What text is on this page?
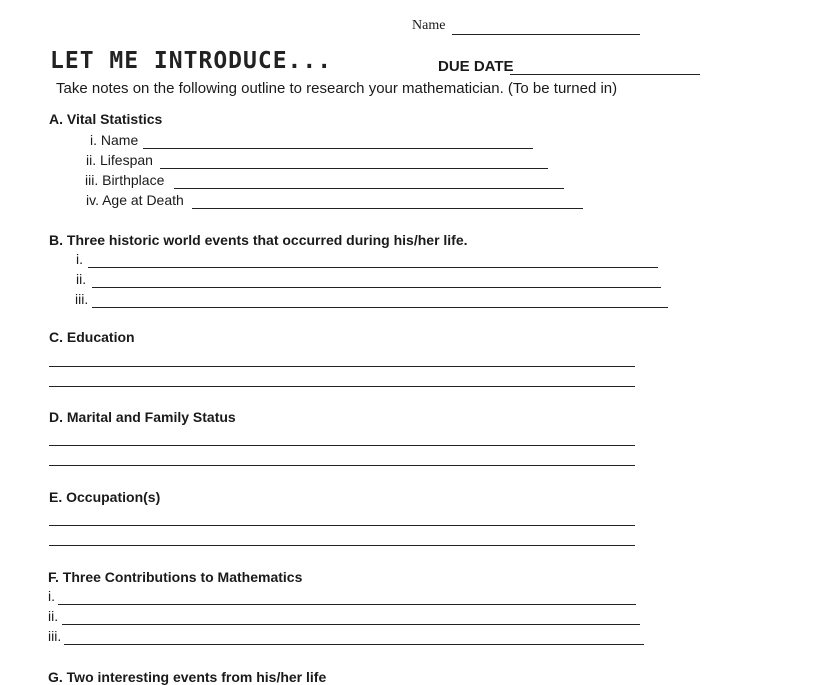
Name
LET ME INTRODUCE...	DUE DATE
Take notes on the following outline to research your mathematician. (To be turned in)
A. Vital Statistics
i. Name
ii. Lifespan
iii. Birthplace
iv. Age at Death
B. Three historic world events that occurred during his/her life.
i.
ii.
iii.
C. Education
D. Marital and Family Status
E. Occupation(s)
F. Three Contributions to Mathematics
i.
ii.
iii.
G. Two interesting events from his/her life
